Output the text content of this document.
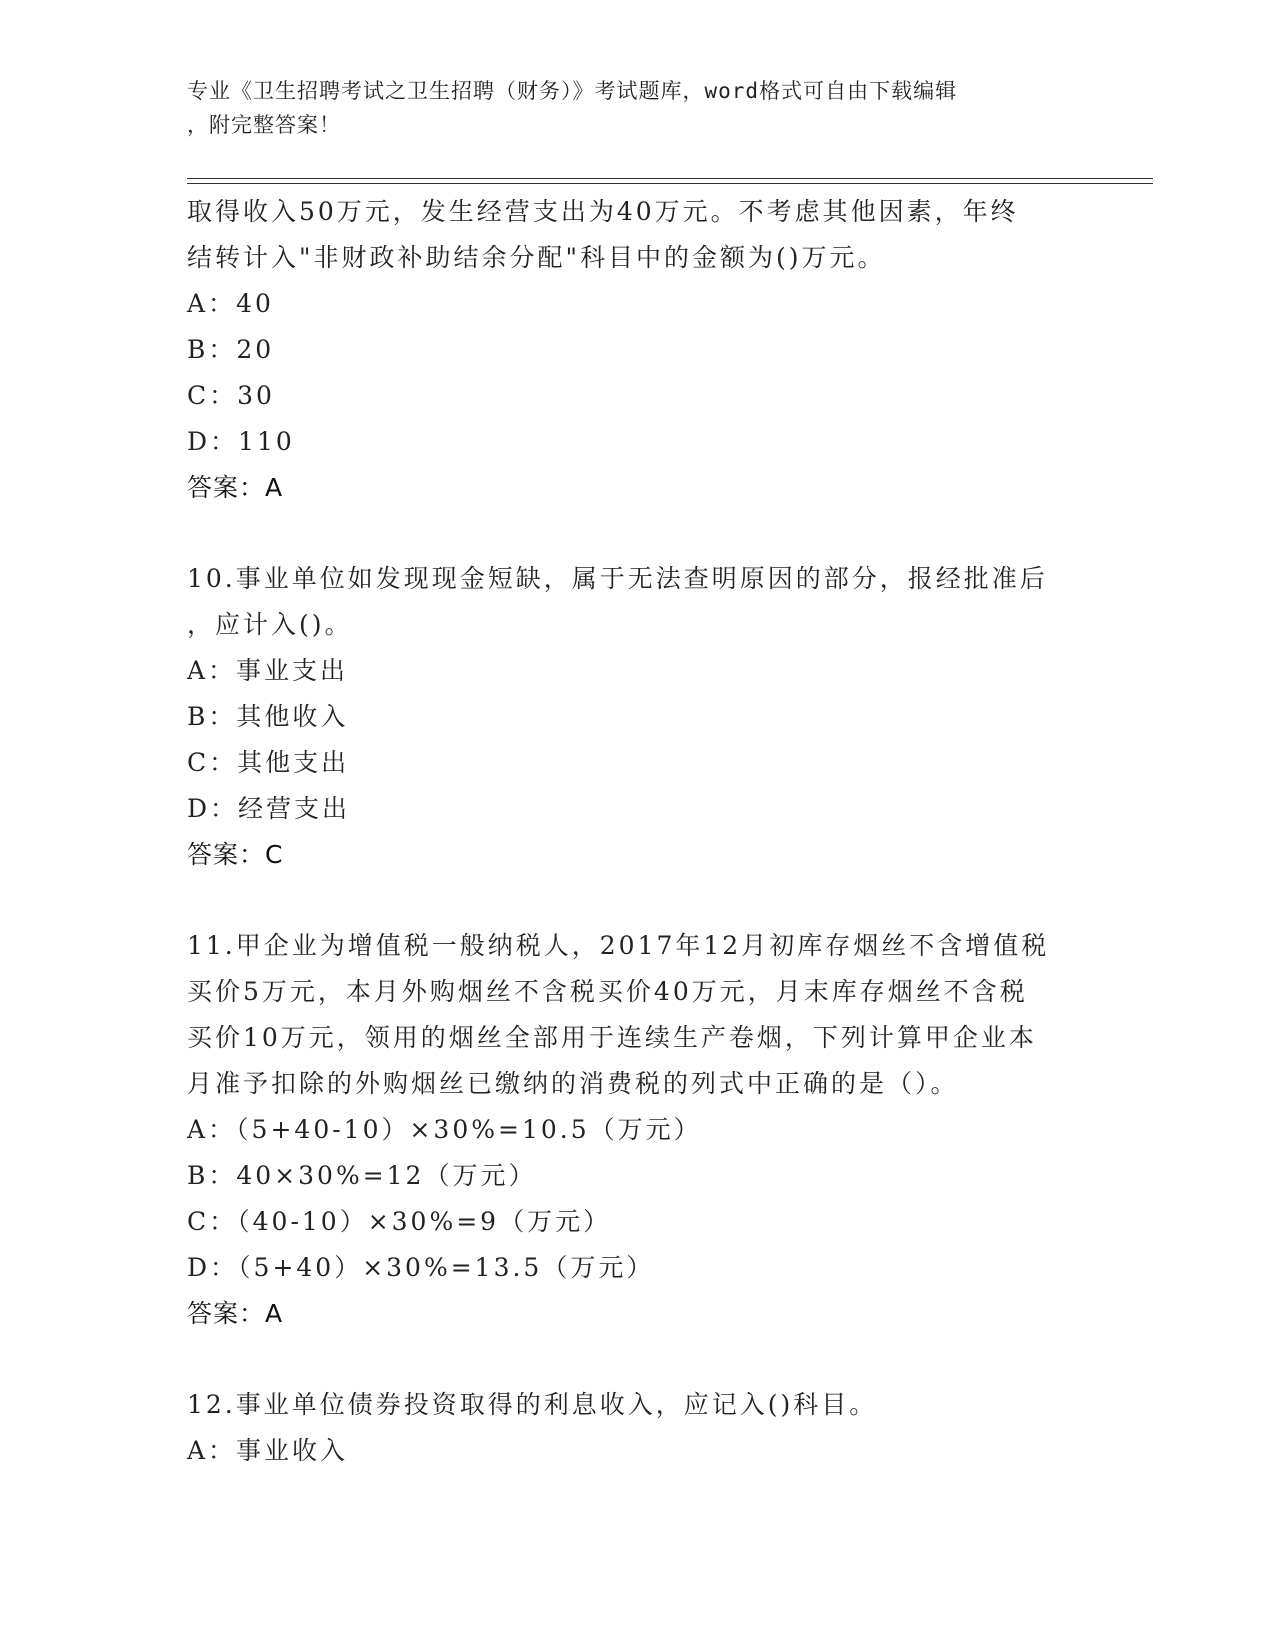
专业《卫生招聘考试之卫生招聘（财务）》考试题库，word格式可自由下载编辑
，附完整答案！
取得收入50万元，发生经营支出为40万元。不考虑其他因素，年终
结转计入"非财政补助结余分配"科目中的金额为()万元。
A：40
B：20
C：30
D：110
答案：A
10.事业单位如发现现金短缺，属于无法查明原因的部分，报经批准后
，应计入()。
A：事业支出
B：其他收入
C：其他支出
D：经营支出
答案：C
11.甲企业为增值税一般纳税人，2017年12月初库存烟丝不含增值税
买价5万元，本月外购烟丝不含税买价40万元，月末库存烟丝不含税
买价10万元，领用的烟丝全部用于连续生产卷烟，下列计算甲企业本
月准予扣除的外购烟丝已缴纳的消费税的列式中正确的是（）。
A：（5+40-10）×30%=10.5（万元）
B：40×30%=12（万元）
C：（40-10）×30%=9（万元）
D：（5+40）×30%=13.5（万元）
答案：A
12.事业单位债券投资取得的利息收入，应记入()科目。
A：事业收入
